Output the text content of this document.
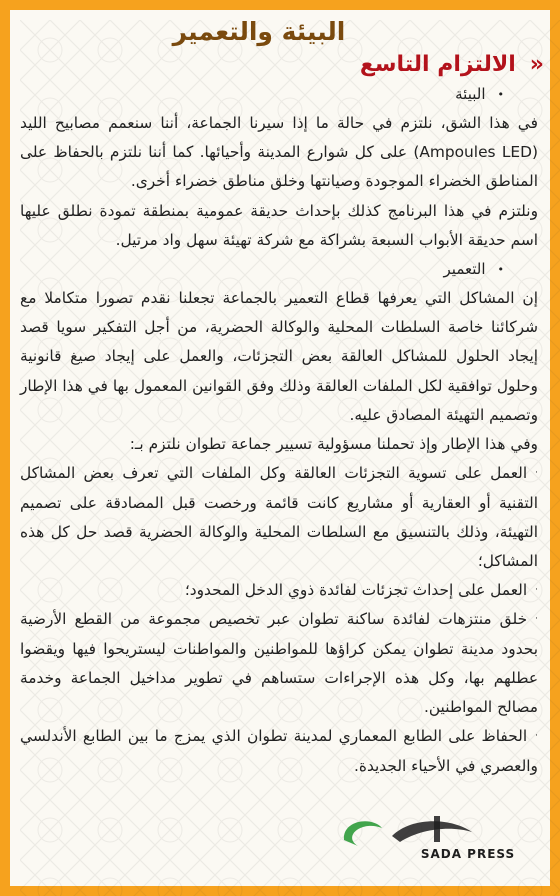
البيئة والتعمير
«
الالتزام التاسع
•البيئة

في هذا الشق، نلتزم في حالة ما إذا سيرنا الجماعة، أننا سنعمم مصابيح الليد (Ampoules LED) على كل شوارع المدينة وأحيائها. كما أننا نلتزم بالحفاظ على المناطق الخضراء الموجودة وصيانتها وخلق مناطق خضراء أخرى.

ونلتزم في هذا البرنامج كذلك بإحداث حديقة عمومية بمنطقة تمودة نطلق عليها اسم حديقة الأبواب السبعة بشراكة مع شركة تهيئة سهل واد مرتيل.

•التعمير

إن المشاكل التي يعرفها قطاع التعمير بالجماعة تجعلنا نقدم تصورا متكاملا مع شركائنا خاصة السلطات المحلية والوكالة الحضرية، من أجل التفكير سويا قصد إيجاد الحلول للمشاكل العالقة بعض التجزئات، والعمل على إيجاد صيغ قانونية وحلول توافقية لكل الملفات العالقة وذلك وفق القوانين المعمول بها في هذا الإطار وتصميم التهيئة المصادق عليه.

وفي هذا الإطار وإذ تحملنا مسؤولية تسيير جماعة تطوان نلتزم بـ:

·العمل على تسوية التجزئات العالقة وكل الملفات التي تعرف بعض المشاكل التقنية أو العقارية أو مشاريع كانت قائمة ورخصت قبل المصادقة على تصميم التهيئة، وذلك بالتنسيق مع السلطات المحلية والوكالة الحضرية قصد حل كل هذه المشاكل؛

·العمل على إحداث تجزئات لفائدة ذوي الدخل المحدود؛

·خلق منتزهات لفائدة ساكنة تطوان عبر تخصيص مجموعة من القطع الأرضية بحدود مدينة تطوان يمكن كراؤها للمواطنين والمواطنات ليستريحوا فيها ويقضوا عطلهم بها، وكل هذه الإجراءات ستساهم في تطوير مداخيل الجماعة وخدمة مصالح المواطنين.

·الحفاظ على الطابع المعماري لمدينة تطوان الذي يمزج ما بين الطابع الأندلسي والعصري في الأحياء الجديدة.

SADA PRESS
